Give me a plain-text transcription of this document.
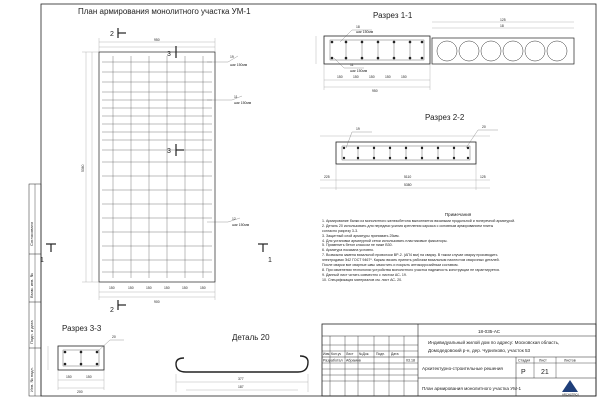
Согласовано
Взам. инв. №
Подп. и дата
Инв. № подл.
План армирования монолитного участка УМ-1
950
150	150	150	150	150	150
900
5360
2
2
1	1
3
3	19
шаг 150мм
11
шаг 150мм
12
шаг 150мм
Разрез 1-1
150	150	150	150	150
950
125
18
18
шаг 150мм
11
шаг 150мм
Разрез 2-2
5110
5380
225	125
19	20
Разрез 3-3
150	150
200
20	Деталь 20
377
187
18-035-АС
Индивидуальный жилой дом по адресу: Московская область,
Домодедовский р-н, дер. Чурилково, участок 53
Архитектурно-строительные решения
План армирования монолитного участка УМ-1
Изм. Кол.уч Лист №Док. Подп. Дата
Разработал Абрамов	03.18	Стадия Лист	Листов
Р 21
ARCHSTROI
Примечания
1. Армирование балки из монолитного железобетона выполняется вязаными продольной и поперечной арматурой.
2. Деталь 20 использовать для передачи усилия крепления каркаса с основным армированием плиты
согласно разрезу 3-3.
3. Защитный слой арматуры принимать 25мм.
4. Для установки арматурной сетки использовать пластиковые фиксаторы.
5. Применить бетон классом не ниже В30.
6. Арматура показана условно.
7. Возможна замена вязальной проволоки ВР-2. (АП4 мм) на сварку. В таком случае сварку производить
электродами Э42 ГОСТ 9467*. Каркас вязать принять рабочим вязальным нахлестом сварочных деталей.
После сварки все сварные швы зачистить и покрыть антикоррозийным составом.
8. При изменении технологии устройства монолитного участка надежность конструкции не гарантируется.
9. Данный лист читать совместно с листом АС- 19.
10. Спецификация материалов см. лист АС- 20.
